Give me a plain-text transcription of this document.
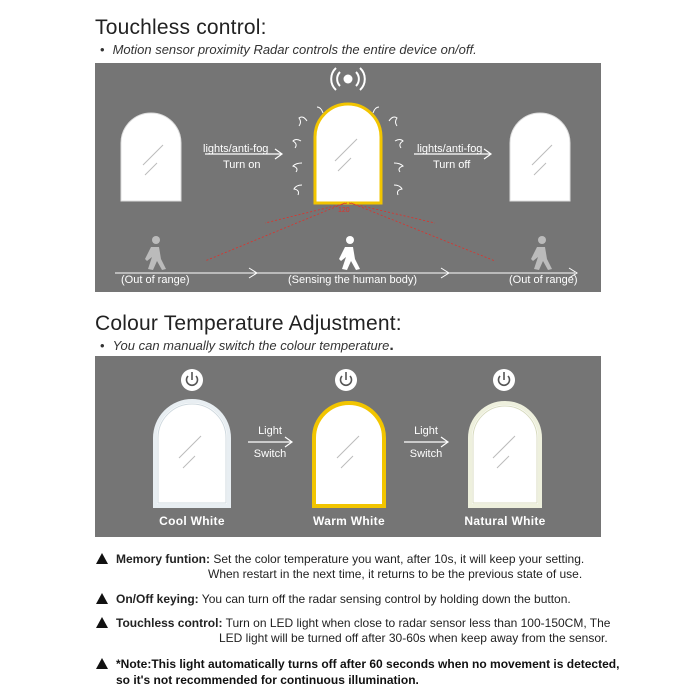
Touchless control:
• Motion sensor proximity Radar controls the entire device on/off.
lights/anti-fog
Turn on
lights/anti-fog
Turn off
120
(Out of range)	(Sensing the human body)	(Out of range)
Colour Temperature Adjustment:
• You can manually switch the colour temperature.
Light
Switch
Light
Switch
Cool White	Warm White	Natural White
Memory funtion: Set the color temperature you want, after 10s, it will keep your setting.
When restart in the next time, it returns to be the previous state of use.
On/Off keying: You can turn off the radar sensing control by holding down the button.
Touchless control: Turn on LED light when close to radar sensor less than 100-150CM, The
LED light will be turned off after 30-60s when keep away from the sensor.
*Note:This light automatically turns off after 60 seconds when no movement is detected,
so it's not recommended for continuous illumination.
